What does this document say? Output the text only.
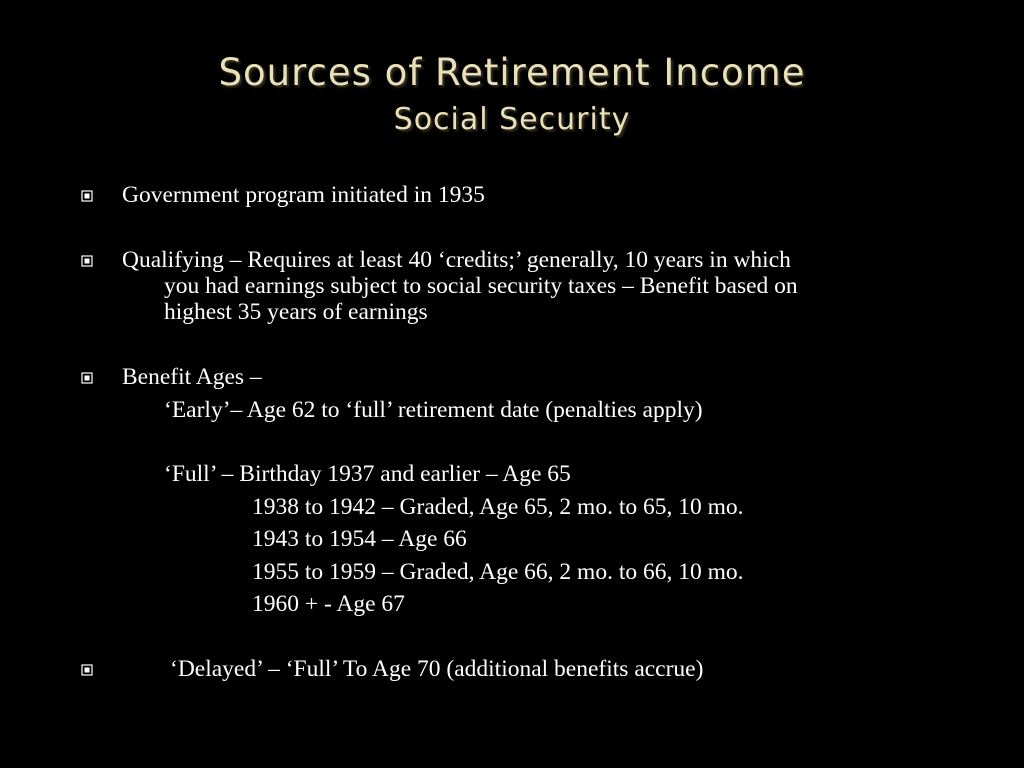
Sources of Retirement Income
Social Security
Government program initiated in 1935
Qualifying – Requires at least 40 ‘credits;’ generally, 10 years in which
you had earnings subject to social security taxes – Benefit based on
highest 35 years of earnings
Benefit Ages –
‘Early’– Age 62 to ‘full’ retirement date (penalties apply)
‘Full’ – Birthday 1937 and earlier – Age 65
1938 to 1942 – Graded, Age 65, 2 mo. to 65, 10 mo.
1943 to 1954 – Age 66
1955 to 1959 – Graded, Age 66, 2 mo. to 66, 10 mo.
1960 + - Age 67
‘Delayed’ – ‘Full’ To Age 70 (additional benefits accrue)
